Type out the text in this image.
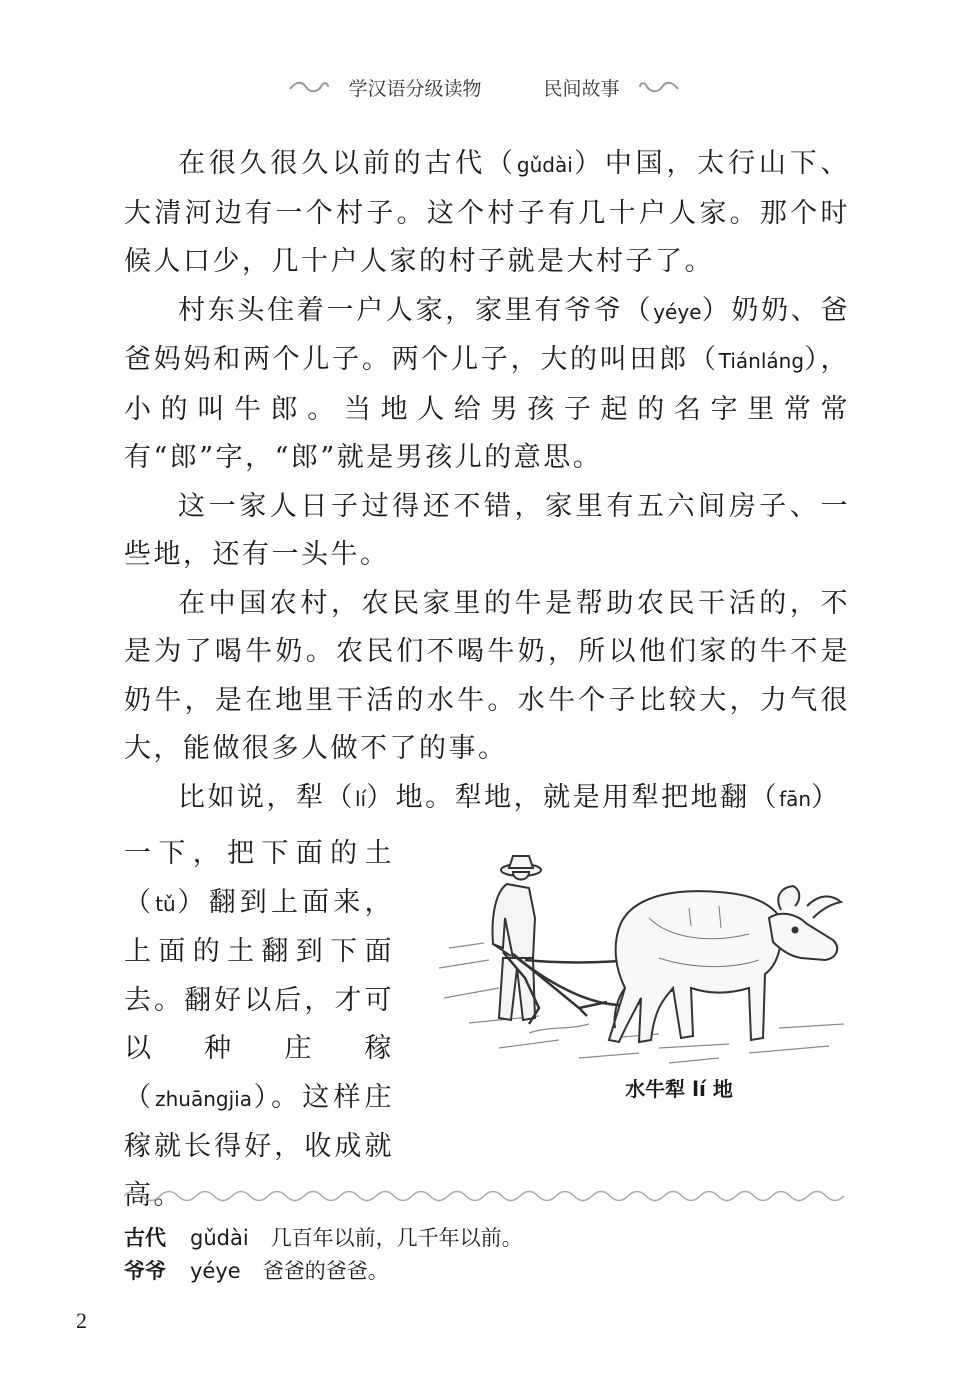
学汉语分级读物	民间故事

在很久很久以前的古代（gǔdài）中国，太行山下、大清河边有一个村子。这个村子有几十户人家。那个时候人口少，几十户人家的村子就是大村子了。

村东头住着一户人家，家里有爷爷（yéye）奶奶、爸爸妈妈和两个儿子。两个儿子，大的叫田郎（Tiánláng），小的叫牛郎。当地人给男孩子起的名字里常常有“郎”字，“郎”就是男孩儿的意思。

这一家人日子过得还不错，家里有五六间房子、一些地，还有一头牛。

在中国农村，农民家里的牛是帮助农民干活的，不是为了喝牛奶。农民们不喝牛奶，所以他们家的牛不是奶牛，是在地里干活的水牛。水牛个子比较大，力气很大，能做很多人做不了的事。

比如说，犁（lí）地。犁地，就是用犁把地翻（fān）

一下，把下面的土（tǔ）翻到上面来，上面的土翻到下面去。翻好以后，才可以种庄稼（zhuāngjia）。这样庄稼就长得好，收成就高。

水牛犁 lí 地
古代	gǔdài 几百年以前，几千年以前。
爷爷	yéye 爸爸的爸爸。
2
